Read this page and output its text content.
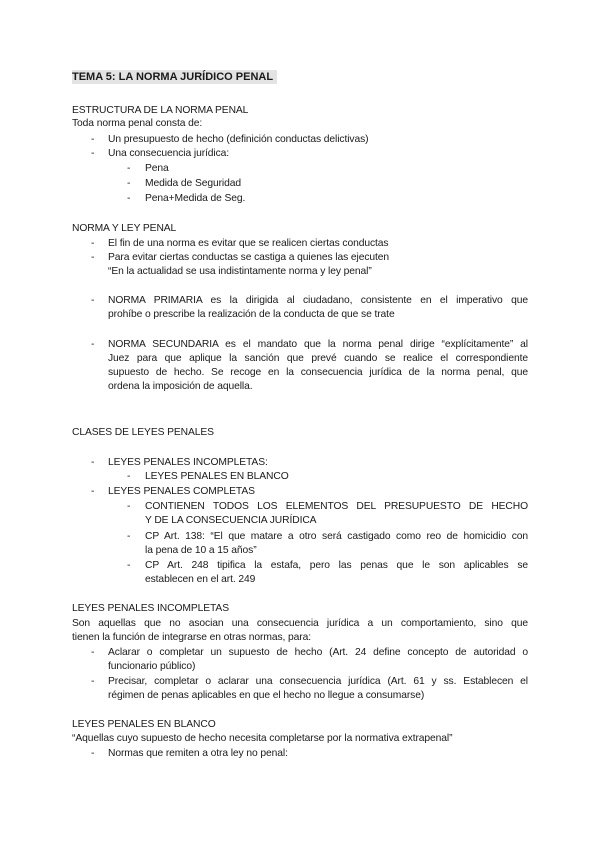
TEMA 5: LA NORMA JURÍDICO PENAL
ESTRUCTURA DE LA NORMA PENAL
Toda norma penal consta de:
- Un presupuesto de hecho (definición conductas delictivas)
- Una consecuencia jurídica:
- Pena
- Medida de Seguridad
- Pena+Medida de Seg.
NORMA Y LEY PENAL
- El fin de una norma es evitar que se realicen ciertas conductas
- Para evitar ciertas conductas se castiga a quienes las ejecuten
“En la actualidad se usa indistintamente norma y ley penal”
- NORMA PRIMARIA es la dirigida al ciudadano, consistente en el imperativo que
prohíbe o prescribe la realización de la conducta de que se trate
- NORMA SECUNDARIA es el mandato que la norma penal dirige “explícitamente” al
Juez para que aplique la sanción que prevé cuando se realice el correspondiente
supuesto de hecho. Se recoge en la consecuencia jurídica de la norma penal, que
ordena la imposición de aquella.
CLASES DE LEYES PENALES
- LEYES PENALES INCOMPLETAS:
- LEYES PENALES EN BLANCO
- LEYES PENALES COMPLETAS
- CONTIENEN TODOS LOS ELEMENTOS DEL PRESUPUESTO DE HECHO
Y DE LA CONSECUENCIA JURÍDICA
- CP Art. 138: “El que matare a otro será castigado como reo de homicidio con
la pena de 10 a 15 años”
- CP Art. 248 tipifica la estafa, pero las penas que le son aplicables se
establecen en el art. 249
LEYES PENALES INCOMPLETAS
Son aquellas que no asocian una consecuencia jurídica a un comportamiento, sino que
tienen la función de integrarse en otras normas, para:
- Aclarar o completar un supuesto de hecho (Art. 24 define concepto de autoridad o
funcionario público)
- Precisar, completar o aclarar una consecuencia jurídica (Art. 61 y ss. Establecen el
régimen de penas aplicables en que el hecho no llegue a consumarse)
LEYES PENALES EN BLANCO
“Aquellas cuyo supuesto de hecho necesita completarse por la normativa extrapenal”
- Normas que remiten a otra ley no penal:
